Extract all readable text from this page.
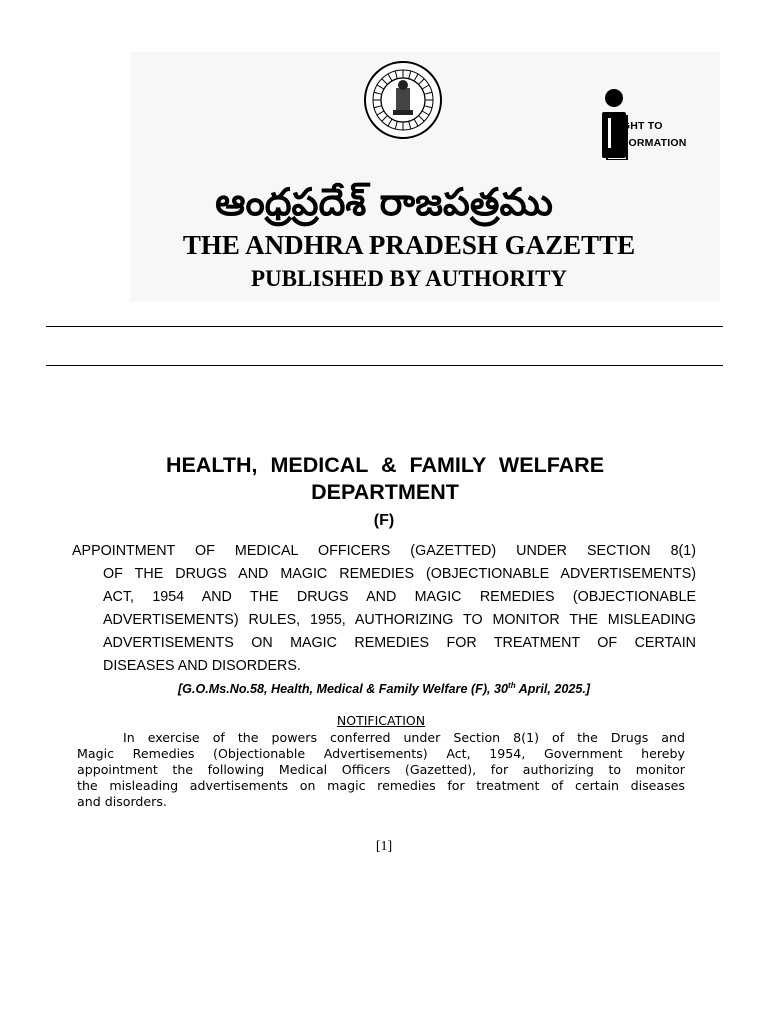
RIGHT TO
INFORMATION
ఆంధ్రప్రదేశ్ రాజపత్రము
THE ANDHRA PRADESH GAZETTE
PUBLISHED BY AUTHORITY
HEALTH, MEDICAL & FAMILY WELFARE
DEPARTMENT
(F)
APPOINTMENT OF MEDICAL OFFICERS (GAZETTED) UNDER SECTION 8(1)
OF THE DRUGS AND MAGIC REMEDIES (OBJECTIONABLE ADVERTISEMENTS)
ACT, 1954 AND THE DRUGS AND MAGIC REMEDIES (OBJECTIONABLE
ADVERTISEMENTS) RULES, 1955, AUTHORIZING TO MONITOR THE MISLEADING
ADVERTISEMENTS ON MAGIC REMEDIES FOR TREATMENT OF CERTAIN
DISEASES AND DISORDERS.
[G.O.Ms.No.58, Health, Medical & Family Welfare (F), 30th April, 2025.]
NOTIFICATION
In exercise of the powers conferred under Section 8(1) of the Drugs and
Magic Remedies (Objectionable Advertisements) Act, 1954, Government hereby
appointment the following Medical Officers (Gazetted), for authorizing to monitor
the misleading advertisements on magic remedies for treatment of certain diseases
and disorders.
[1]
